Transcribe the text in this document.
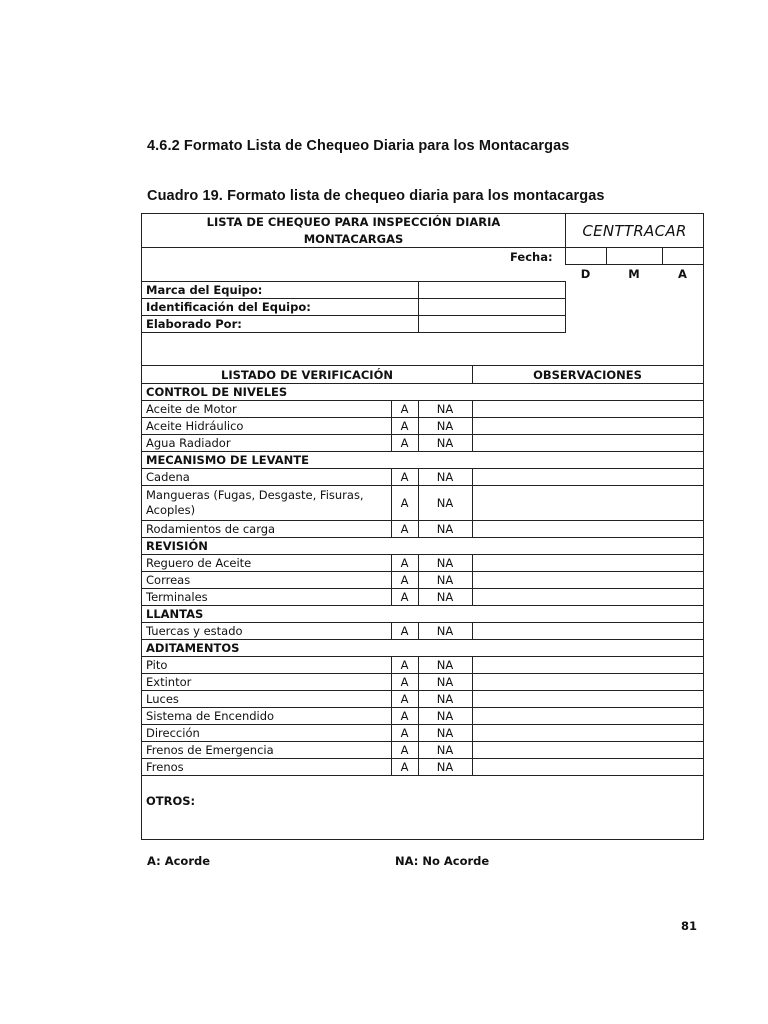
4.6.2 Formato Lista de Chequeo Diaria para los Montacargas
Cuadro 19. Formato lista de chequeo diaria para los montacargas
LISTA DE CHEQUEO PARA INSPECCIÓN DIARIA
MONTACARGAS	CENTTRACAR
Fecha:
D	M	A
Marca del Equipo:
Identificación del Equipo:
Elaborado Por:
LISTADO DE VERIFICACIÓN	OBSERVACIONES
CONTROL DE NIVELES
Aceite de Motor	A	NA
Aceite Hidráulico	A	NA
Agua Radiador	A	NA
MECANISMO DE LEVANTE
Cadena	A	NA
Mangueras (Fugas, Desgaste, Fisuras,
Acoples)
A	NA
Rodamientos de carga	A	NA
REVISIÓN
Reguero de Aceite	A	NA
Correas	A	NA
Terminales	A	NA
LLANTAS
Tuercas y estado	A	NA
ADITAMENTOS
Pito	A	NA
Extintor	A	NA
Luces	A	NA
Sistema de Encendido	A	NA
Dirección	A	NA
Frenos de Emergencia	A	NA
Frenos	A	NA
OTROS:
A: Acorde	NA: No Acorde
81
